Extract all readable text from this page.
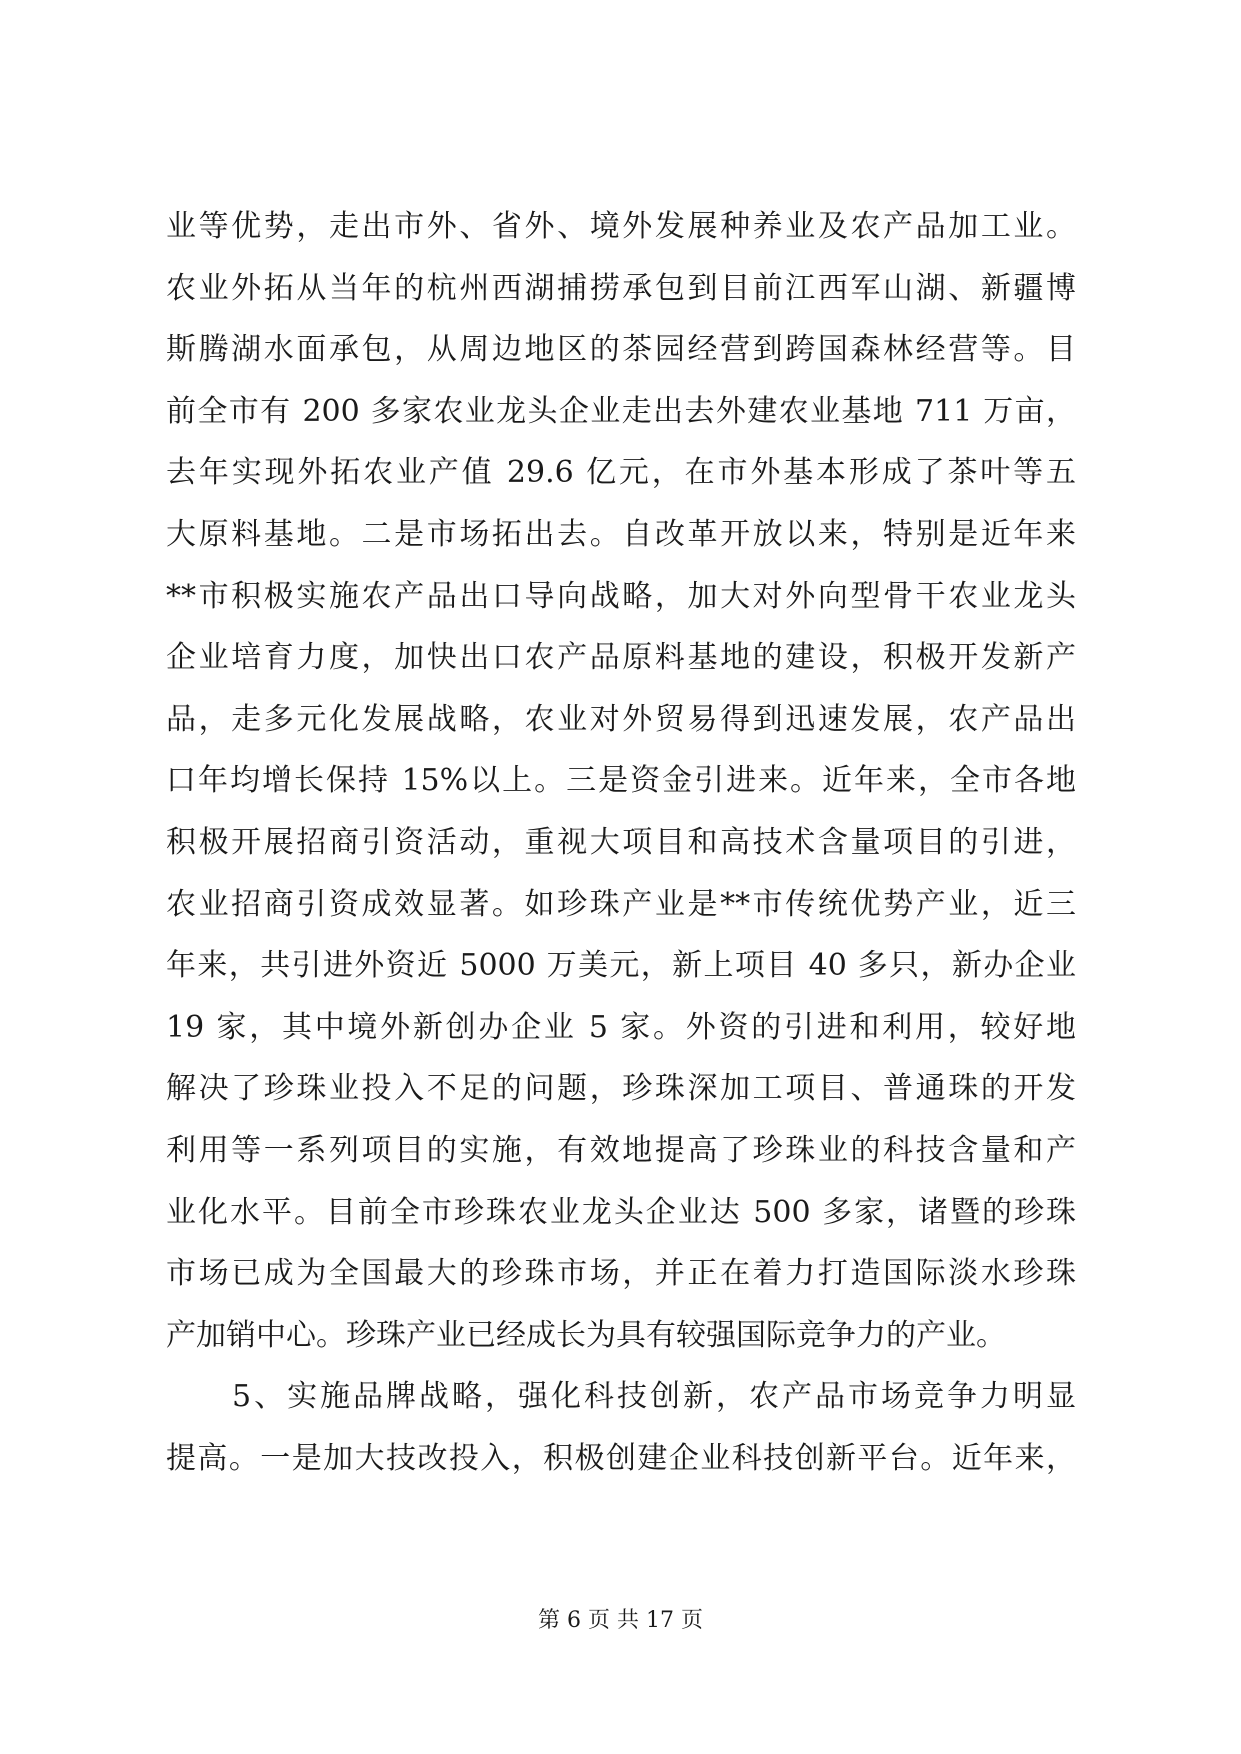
业等优势，走出市外、省外、境外发展种养业及农产品加工业。
农业外拓从当年的杭州西湖捕捞承包到目前江西军山湖、新疆博
斯腾湖水面承包，从周边地区的茶园经营到跨国森林经营等。目
前全市有 200 多家农业龙头企业走出去外建农业基地 711 万亩，
去年实现外拓农业产值 29.6 亿元，在市外基本形成了茶叶等五
大原料基地。二是市场拓出去。自改革开放以来，特别是近年来
**市积极实施农产品出口导向战略，加大对外向型骨干农业龙头
企业培育力度，加快出口农产品原料基地的建设，积极开发新产
品，走多元化发展战略，农业对外贸易得到迅速发展，农产品出
口年均增长保持 15%以上。三是资金引进来。近年来，全市各地
积极开展招商引资活动，重视大项目和高技术含量项目的引进，
农业招商引资成效显著。如珍珠产业是**市传统优势产业，近三
年来，共引进外资近 5000 万美元，新上项目 40 多只，新办企业
19 家，其中境外新创办企业 5 家。外资的引进和利用，较好地
解决了珍珠业投入不足的问题，珍珠深加工项目、普通珠的开发
利用等一系列项目的实施，有效地提高了珍珠业的科技含量和产
业化水平。目前全市珍珠农业龙头企业达 500 多家，诸暨的珍珠
市场已成为全国最大的珍珠市场，并正在着力打造国际淡水珍珠
产加销中心。珍珠产业已经成长为具有较强国际竞争力的产业。
　　5、实施品牌战略，强化科技创新，农产品市场竞争力明显
提高。一是加大技改投入，积极创建企业科技创新平台。近年来，
第 6 页 共 17 页
